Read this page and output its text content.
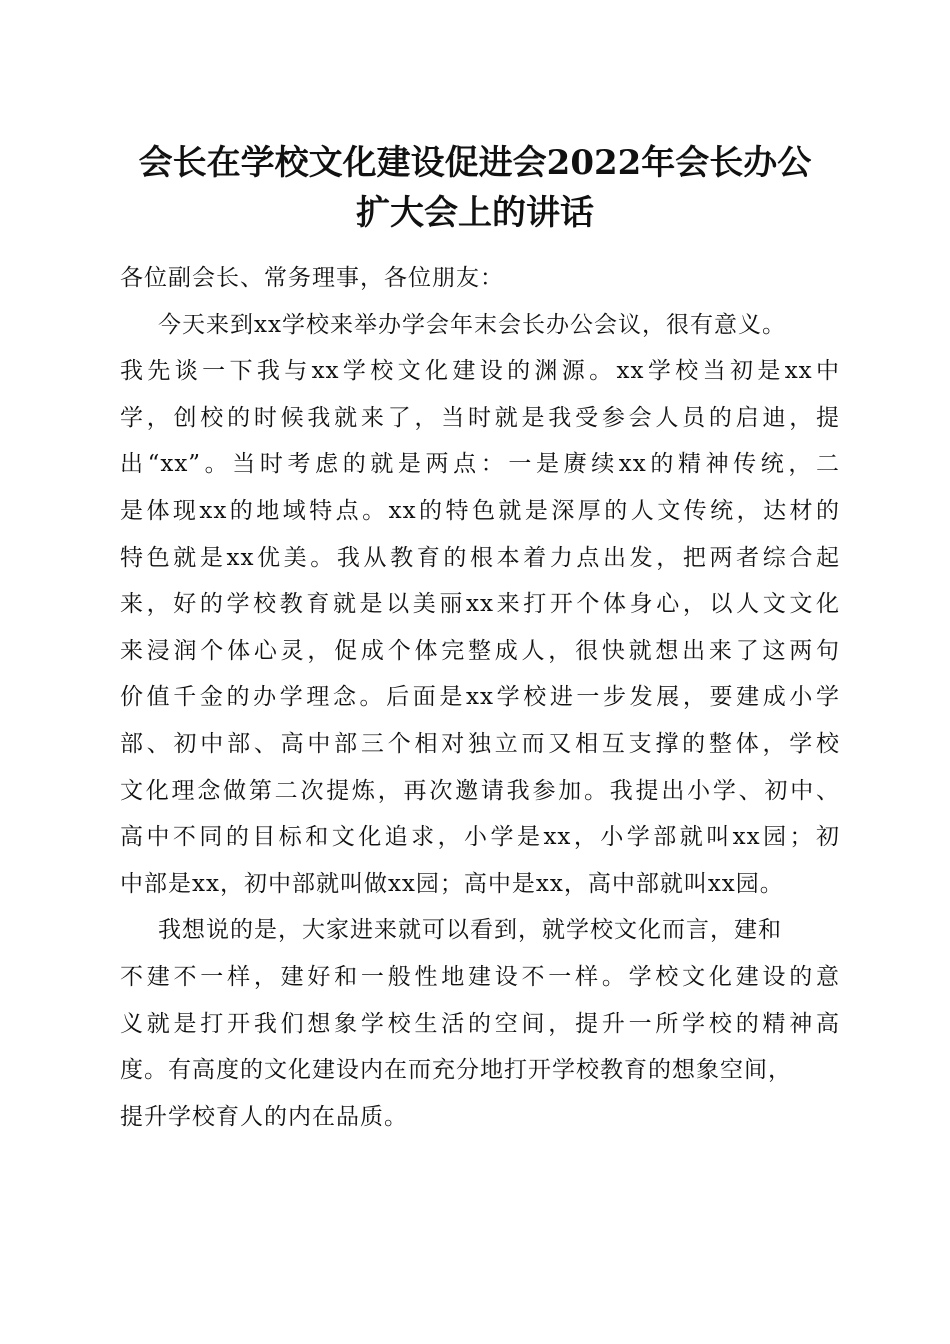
会长在学校文化建设促进会2022年会长办公
扩大会上的讲话
各位副会长、常务理事，各位朋友：
今天来到xx学校来举办学会年末会长办公会议，很有意义。
我先谈一下我与xx学校文化建设的渊源。xx学校当初是xx中
学，创校的时候我就来了，当时就是我受参会人员的启迪，提
出“xx”。当时考虑的就是两点：一是赓续xx的精神传统，二
是体现xx的地域特点。xx的特色就是深厚的人文传统，达材的
特色就是xx优美。我从教育的根本着力点出发，把两者综合起
来，好的学校教育就是以美丽xx来打开个体身心，以人文文化
来浸润个体心灵，促成个体完整成人，很快就想出来了这两句
价值千金的办学理念。后面是xx学校进一步发展，要建成小学
部、初中部、高中部三个相对独立而又相互支撑的整体，学校
文化理念做第二次提炼，再次邀请我参加。我提出小学、初中、
高中不同的目标和文化追求，小学是xx，小学部就叫xx园；初
中部是xx，初中部就叫做xx园；高中是xx，高中部就叫xx园。
我想说的是，大家进来就可以看到，就学校文化而言，建和
不建不一样，建好和一般性地建设不一样。学校文化建设的意
义就是打开我们想象学校生活的空间，提升一所学校的精神高
度。有高度的文化建设内在而充分地打开学校教育的想象空间，
提升学校育人的内在品质。
